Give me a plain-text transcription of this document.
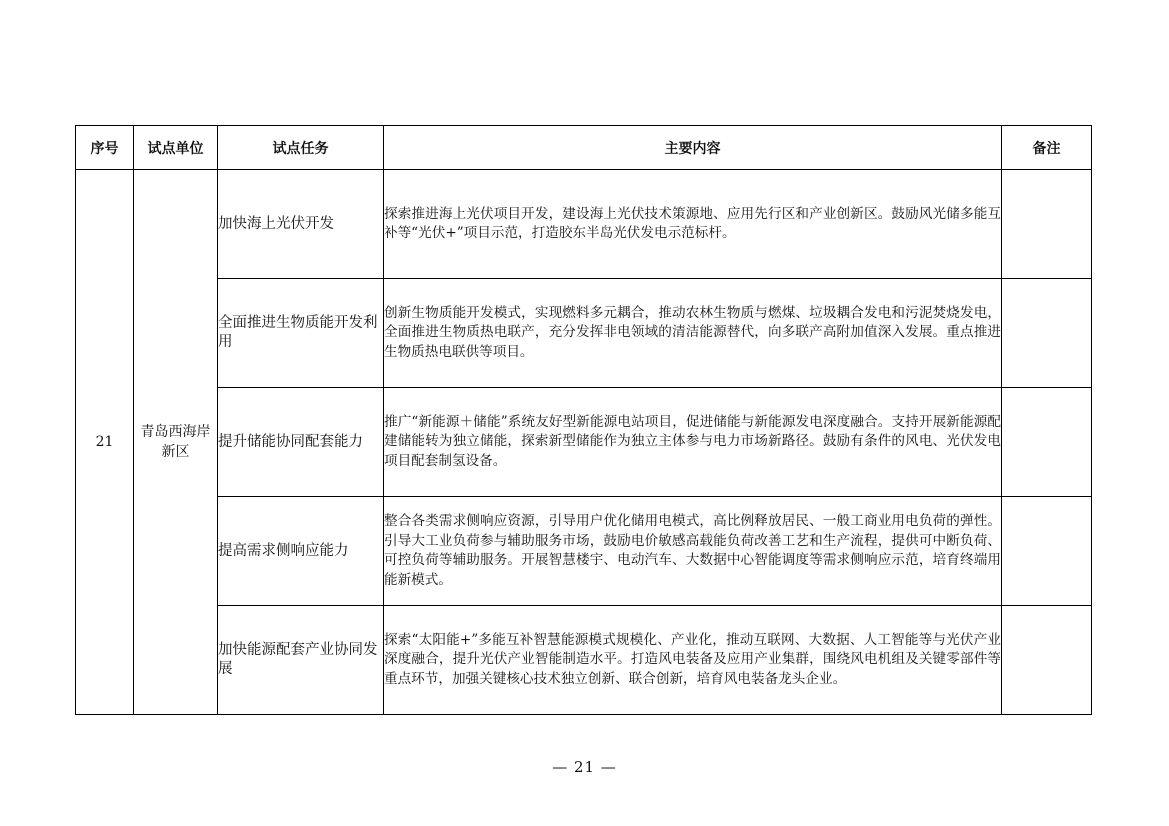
序号	试点单位	试点任务	主要内容	备注
21	青岛西海岸新区	加快海上光伏开发	探索推进海上光伏项目开发，建设海上光伏技术策源地、应用先行区和产业创新区。鼓励风光储多能互补等“光伏+”项目示范，打造胶东半岛光伏发电示范标杆。	
		全面推进生物质能开发利用	创新生物质能开发模式，实现燃料多元耦合，推动农林生物质与燃煤、垃圾耦合发电和污泥焚烧发电，全面推进生物质热电联产，充分发挥非电领域的清洁能源替代，向多联产高附加值深入发展。重点推进生物质热电联供等项目。	
		提升储能协同配套能力	推广“新能源＋储能”系统友好型新能源电站项目，促进储能与新能源发电深度融合。支持开展新能源配建储能转为独立储能，探索新型储能作为独立主体参与电力市场新路径。鼓励有条件的风电、光伏发电项目配套制氢设备。	
		提高需求侧响应能力	整合各类需求侧响应资源，引导用户优化储用电模式，高比例释放居民、一般工商业用电负荷的弹性。引导大工业负荷参与辅助服务市场，鼓励电价敏感高载能负荷改善工艺和生产流程，提供可中断负荷、可控负荷等辅助服务。开展智慧楼宇、电动汽车、大数据中心智能调度等需求侧响应示范，培育终端用能新模式。	
		加快能源配套产业协同发展	探索“太阳能+”多能互补智慧能源模式规模化、产业化，推动互联网、大数据、人工智能等与光伏产业深度融合，提升光伏产业智能制造水平。打造风电装备及应用产业集群，围绕风电机组及关键零部件等重点环节，加强关键核心技术独立创新、联合创新，培育风电装备龙头企业。	
— 21 —
